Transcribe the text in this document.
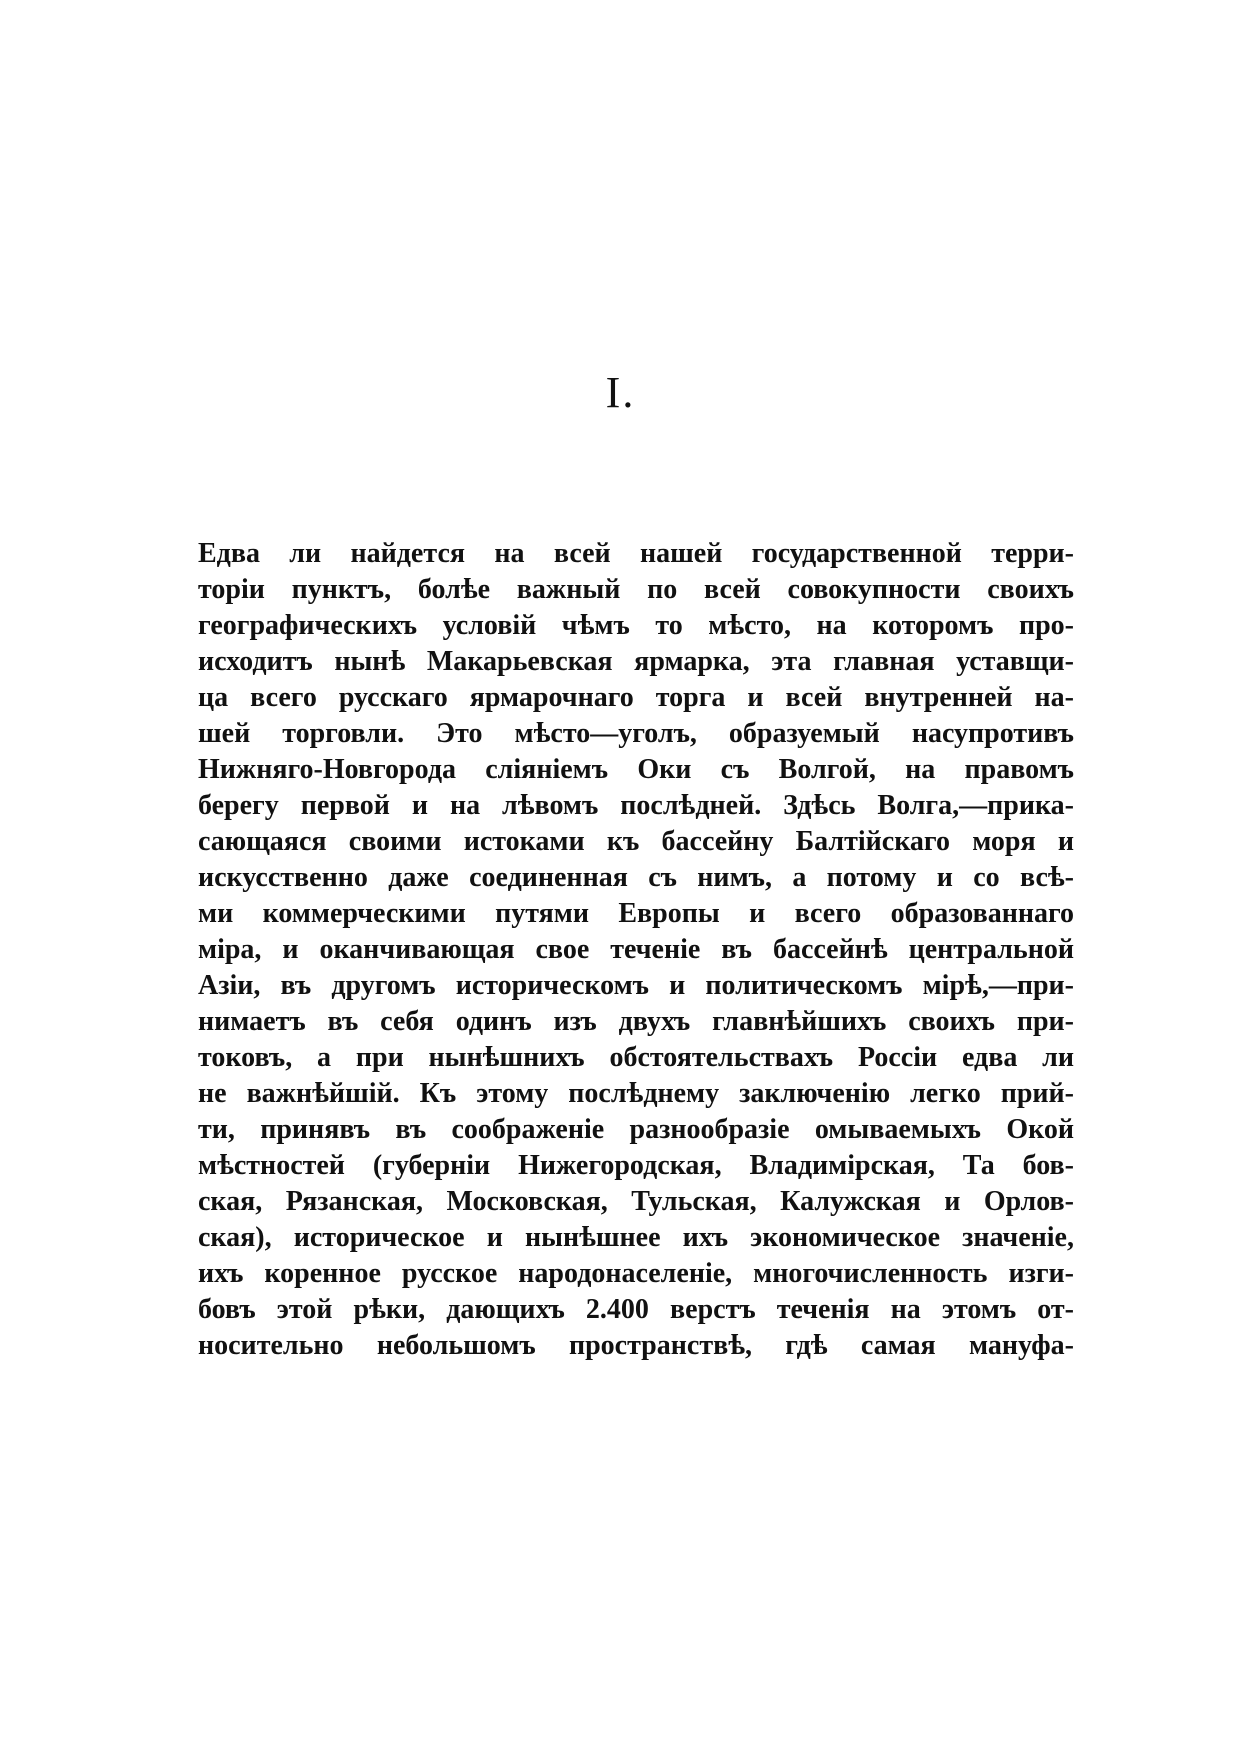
I.
Едва ли найдется на всей нашей государственной терри-
торіи пунктъ, болѣе важный по всей совокупности своихъ
географическихъ условій чѣмъ то мѣсто, на которомъ про-
исходитъ нынѣ Макарьевская ярмарка, эта главная уставщи-
ца всего русскаго ярмарочнаго торга и всей внутренней на-
шей торговли. Это мѣсто—уголъ, образуемый насупротивъ
Нижняго-Новгорода сліяніемъ Оки съ Волгой, на правомъ
берегу первой и на лѣвомъ послѣдней. Здѣсь Волга,—прика-
сающаяся своими истоками къ бассейну Балтійскаго моря и
искусственно даже соединенная съ нимъ, а потому и со всѣ-
ми коммерческими путями Европы и всего образованнаго
міра, и оканчивающая свое теченіе въ бассейнѣ центральной
Азіи, въ другомъ историческомъ и политическомъ мірѣ,—при-
нимаетъ въ себя одинъ изъ двухъ главнѣйшихъ своихъ при-
токовъ, а при нынѣшнихъ обстоятельствахъ Россіи едва ли
не важнѣйшій. Къ этому послѣднему заключенію легко прий-
ти, принявъ въ соображеніе разнообразіе омываемыхъ Окой
мѣстностей (губерніи Нижегородская, Владимірская, Та бов-
ская, Рязанская, Московская, Тульская, Калужская и Орлов-
ская), историческое и нынѣшнее ихъ экономическое значеніе,
ихъ коренное русское народонаселеніе, многочисленность изги-
бовъ этой рѣки, дающихъ 2.400 верстъ теченія на этомъ от-
носительно небольшомъ пространствѣ, гдѣ самая мануфа-
